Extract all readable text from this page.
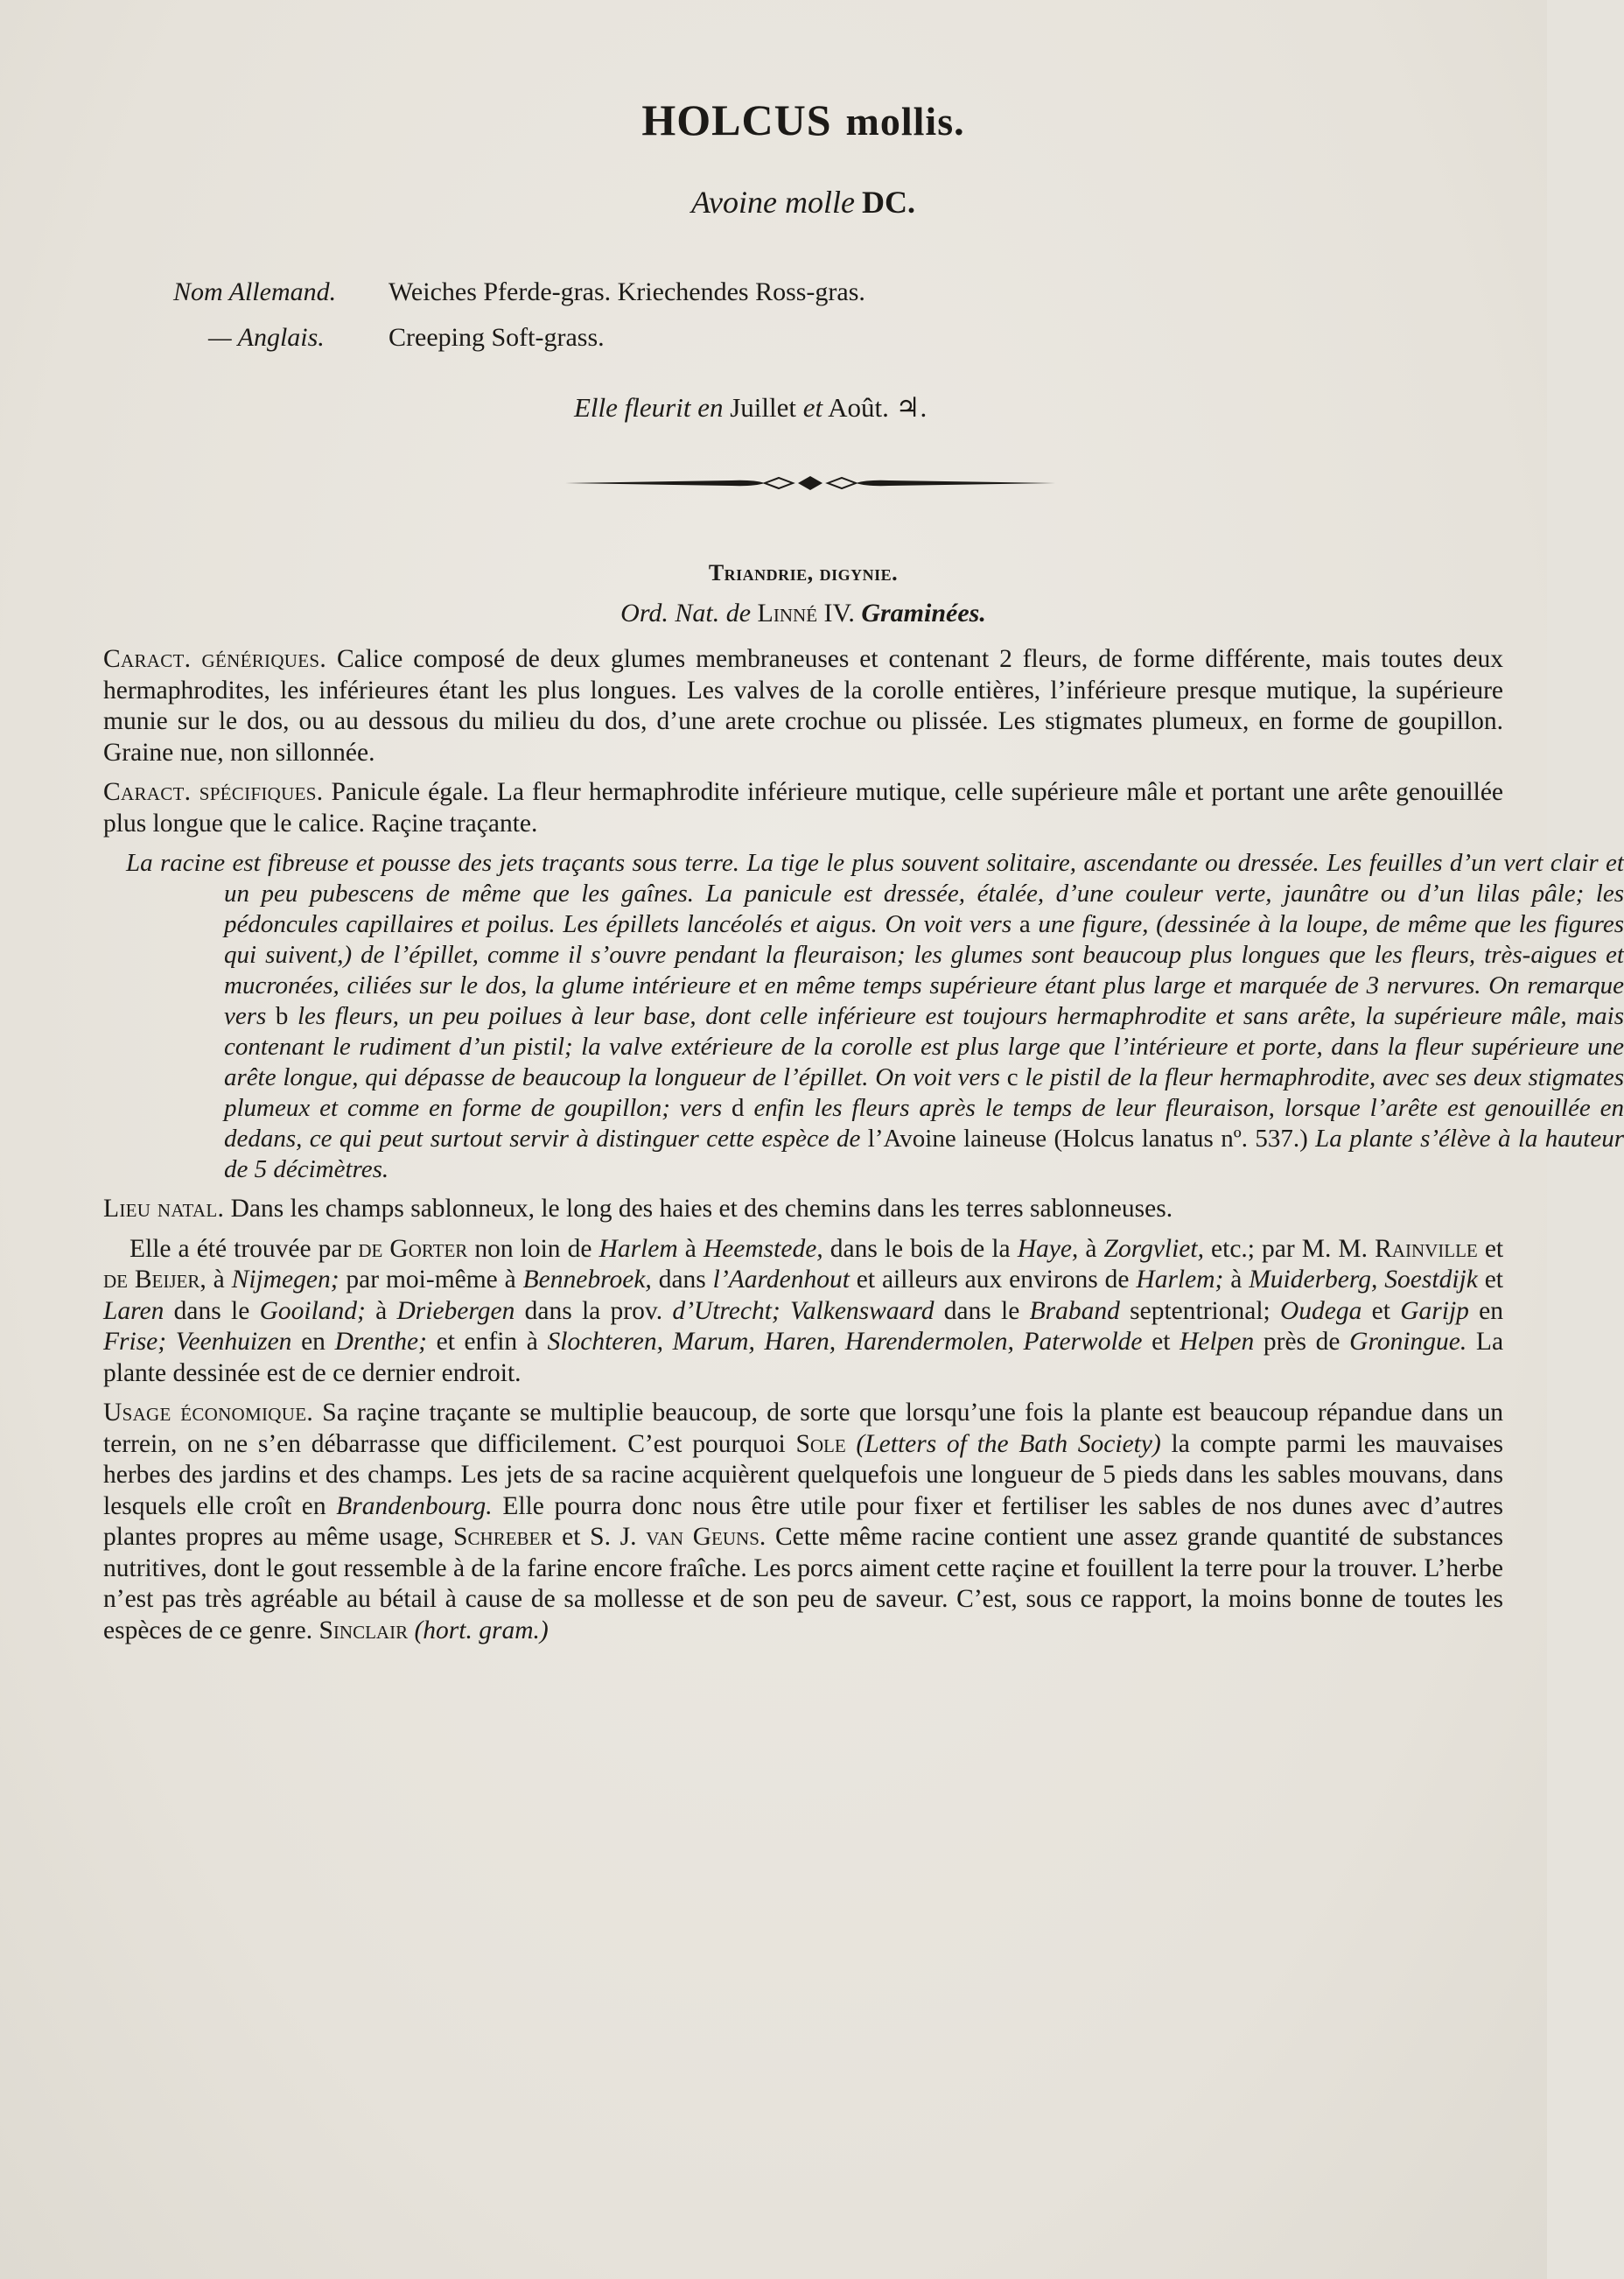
HOLCUS mollis.
Avoine molle DC.
Nom Allemand. Weiches Pferde-gras. Kriechendes Ross-gras.
— Anglais. Creeping Soft-grass.
Elle fleurit en Juillet et Août. ♃.
Triandrie, digynie.
Ord. Nat. de Linné IV. Graminées.

Caract. génériques. Calice composé de deux glumes membraneuses et contenant 2 fleurs, de forme différente, mais toutes deux hermaphrodites, les inférieures étant les plus longues. Les valves de la corolle entières, l’inférieure presque mutique, la supérieure munie sur le dos, ou au dessous du milieu du dos, d’une arete crochue ou plissée. Les stigmates plumeux, en forme de goupillon. Graine nue, non sillonnée.

Caract. spécifiques. Panicule égale. La fleur hermaphrodite inférieure mutique, celle supérieure mâle et portant une arête genouillée plus longue que le calice. Raçine traçante.

La racine est fibreuse et pousse des jets traçants sous terre. La tige le plus souvent solitaire, ascendante ou dressée. Les feuilles d’un vert clair et un peu pubescens de même que les gaînes. La panicule est dressée, étalée, d’une couleur verte, jaunâtre ou d’un lilas pâle; les pédoncules capillaires et poilus. Les épillets lancéolés et aigus. On voit vers a une figure, (dessinée à la loupe, de même que les figures qui suivent,) de l’épillet, comme il s’ouvre pendant la fleuraison; les glumes sont beaucoup plus longues que les fleurs, très-aigues et mucronées, ciliées sur le dos, la glume intérieure et en même temps supérieure étant plus large et marquée de 3 nervures. On remarque vers b les fleurs, un peu poilues à leur base, dont celle inférieure est toujours hermaphrodite et sans arête, la supérieure mâle, mais contenant le rudiment d’un pistil; la valve extérieure de la corolle est plus large que l’intérieure et porte, dans la fleur supérieure une arête longue, qui dépasse de beaucoup la longueur de l’épillet. On voit vers c le pistil de la fleur hermaphrodite, avec ses deux stigmates plumeux et comme en forme de goupillon; vers d enfin les fleurs après le temps de leur fleuraison, lorsque l’arête est genouillée en dedans, ce qui peut surtout servir à distinguer cette espèce de l’Avoine laineuse (Holcus lanatus nº. 537.) La plante s’élève à la hauteur de 5 décimètres.

Lieu natal. Dans les champs sablonneux, le long des haies et des chemins dans les terres sablonneuses.

Elle a été trouvée par de Gorter non loin de Harlem à Heemstede, dans le bois de la Haye, à Zorgvliet, etc.; par M. M. Rainville et de Beijer, à Nijmegen; par moi-même à Bennebroek, dans l’Aardenhout et ailleurs aux environs de Harlem; à Muiderberg, Soestdijk et Laren dans le Gooiland; à Driebergen dans la prov. d’Utrecht; Valkenswaard dans le Braband septentrional; Oudega et Garijp en Frise; Veenhuizen en Drenthe; et enfin à Slochteren, Marum, Haren, Harendermolen, Paterwolde et Helpen près de Groningue. La plante dessinée est de ce dernier endroit.

Usage économique. Sa raçine traçante se multiplie beaucoup, de sorte que lorsqu’une fois la plante est beaucoup répandue dans un terrein, on ne s’en débarrasse que difficilement. C’est pourquoi Sole (Letters of the Bath Society) la compte parmi les mauvaises herbes des jardins et des champs. Les jets de sa racine acquièrent quelquefois une longueur de 5 pieds dans les sables mouvans, dans lesquels elle croît en Brandenbourg. Elle pourra donc nous être utile pour fixer et fertiliser les sables de nos dunes avec d’autres plantes propres au même usage, Schreber et S. J. van Geuns. Cette même racine contient une assez grande quantité de substances nutritives, dont le gout ressemble à de la farine encore fraîche. Les porcs aiment cette raçine et fouillent la terre pour la trouver. L’herbe n’est pas très agréable au bétail à cause de sa mollesse et de son peu de saveur. C’est, sous ce rapport, la moins bonne de toutes les espèces de ce genre. Sinclair (hort. gram.)
